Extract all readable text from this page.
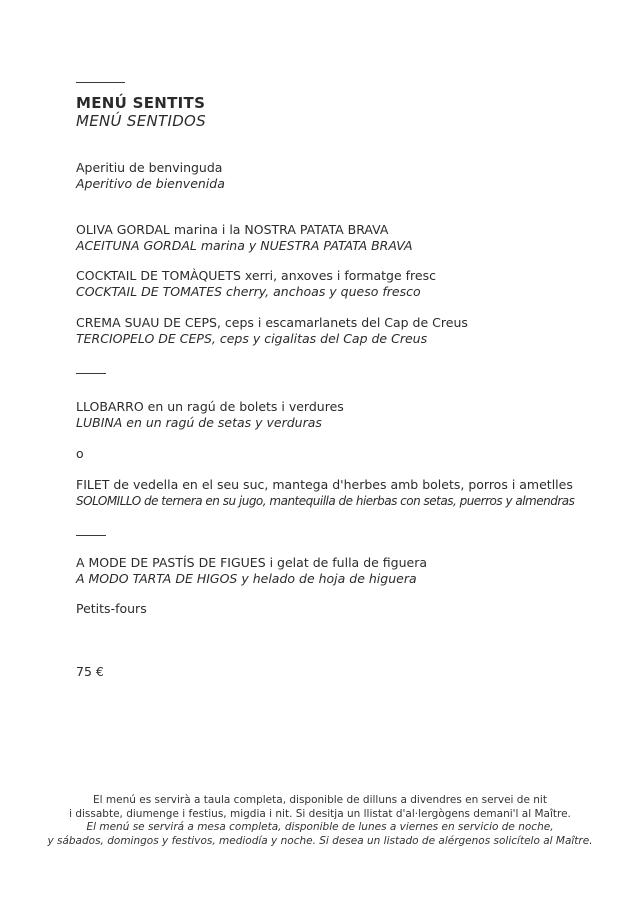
MENÚ SENTITS

MENÚ SENTIDOS

Aperitiu de benvinguda

Aperitivo de bienvenida

OLIVA GORDAL marina i la NOSTRA PATATA BRAVA

ACEITUNA GORDAL marina y NUESTRA PATATA BRAVA

COCKTAIL DE TOMÀQUETS xerri, anxoves i formatge fresc

COCKTAIL DE TOMATES cherry, anchoas y queso fresco

CREMA SUAU DE CEPS, ceps i escamarlanets del Cap de Creus

TERCIOPELO DE CEPS, ceps y cigalitas del Cap de Creus

LLOBARRO en un ragú de bolets i verdures

LUBINA en un ragú de setas y verduras

o

FILET de vedella en el seu suc, mantega d'herbes amb bolets, porros i ametlles

SOLOMILLO de ternera en su jugo, mantequilla de hierbas con setas, puerros y almendras

A MODE DE PASTÍS DE FIGUES i gelat de fulla de figuera

A MODO TARTA DE HIGOS y helado de hoja de higuera

Petits-fours

75 €

El menú es servirà a taula completa, disponible de dilluns a divendres en servei de nit

i dissabte, diumenge i festius, migdia i nit. Si desitja un llistat d'al·lergògens demani'l al Maître.

El menú se servirá a mesa completa, disponible de lunes a viernes en servicio de noche,

y sábados, domingos y festivos, mediodía y noche. Si desea un listado de alérgenos solicítelo al Maître.
